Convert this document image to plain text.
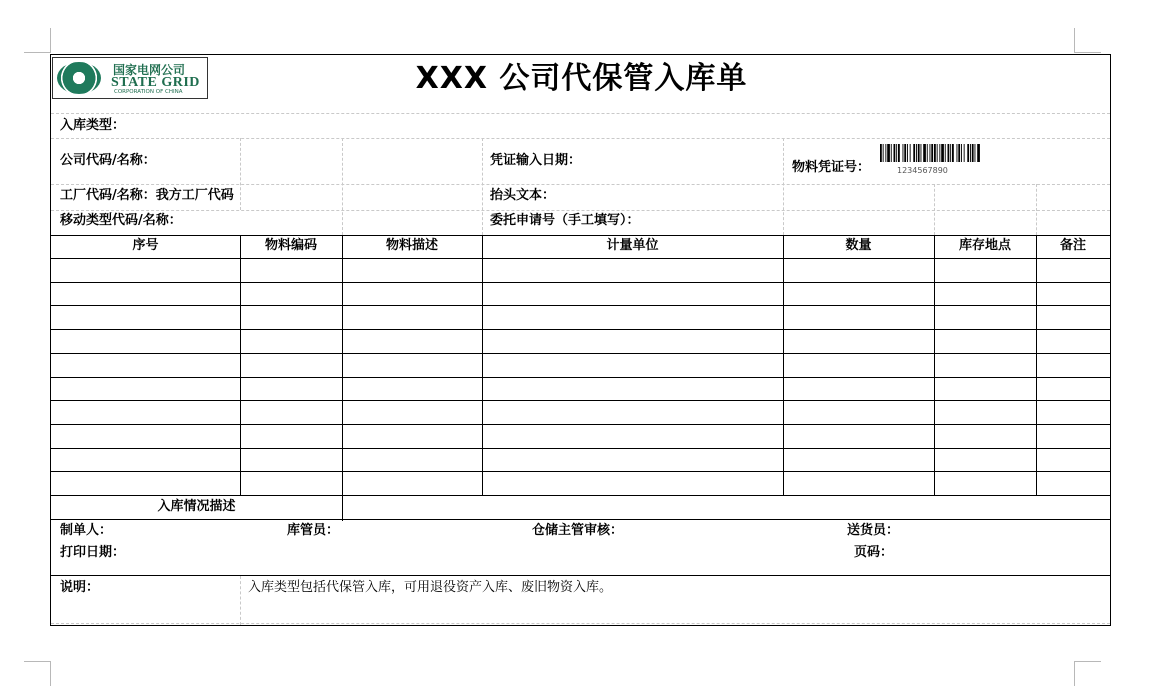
国家电网公司
STATE GRID
CORPORATION OF CHINA	XXX 公司代保管入库单
入库类型：
公司代码/名称：	凭证输入日期：	物料凭证号：	1234567890
工厂代码/名称：我方工厂代码	抬头文本：
移动类型代码/名称：	委托申请号（手工填写）：
序号	物料编码	物料描述	计量单位	数量	库存地点	备注
入库情况描述
制单人：	库管员：	仓储主管审核：	送货员：
打印日期：	页码：
说明：	入库类型包括代保管入库，可用退役资产入库、废旧物资入库。
